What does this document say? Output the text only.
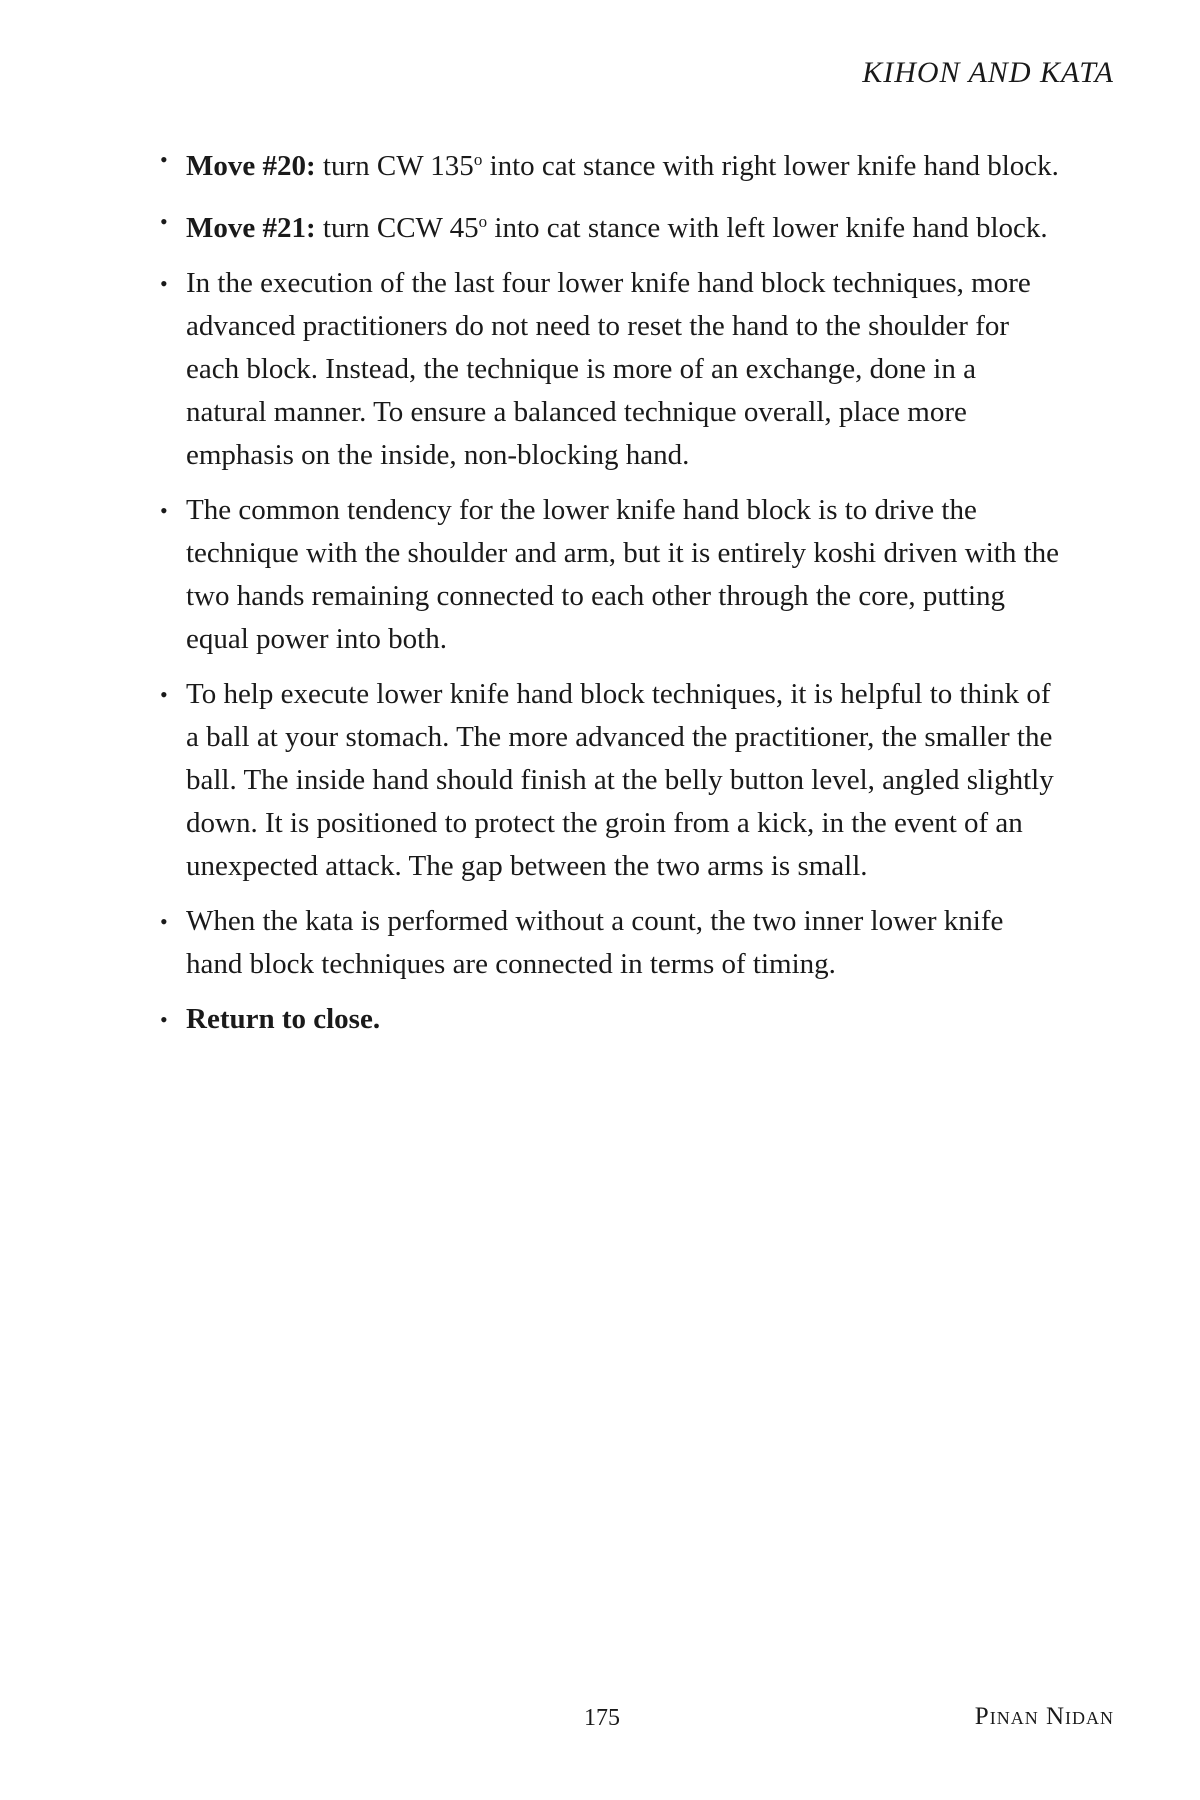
KIHON AND KATA
• Move #20: turn CW 135$^o$ into cat stance with right lower knife hand block.
• Move #21: turn CCW 45$^o$ into cat stance with left lower knife hand block.
• In the execution of the last four lower knife hand block techniques, more advanced practitioners do not need to reset the hand to the shoulder for each block. Instead, the technique is more of an exchange, done in a natural manner. To ensure a balanced technique overall, place more emphasis on the inside, non-blocking hand.
• The common tendency for the lower knife hand block is to drive the technique with the shoulder and arm, but it is entirely koshi driven with the two hands remaining connected to each other through the core, putting equal power into both.
• To help execute lower knife hand block techniques, it is helpful to think of a ball at your stomach. The more advanced the practitioner, the smaller the ball. The inside hand should finish at the belly button level, angled slightly down. It is positioned to protect the groin from a kick, in the event of an unexpected attack. The gap between the two arms is small.
• When the kata is performed without a count, the two inner lower knife hand block techniques are connected in terms of timing.
• Return to close.
175	Pinan Nidan
